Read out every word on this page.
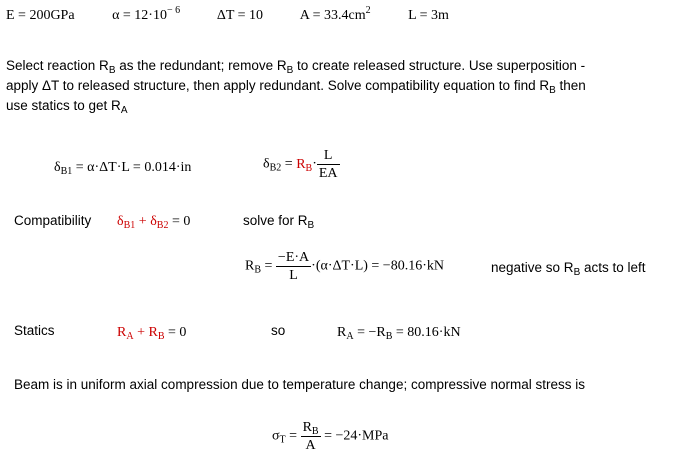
E = 200GPa	$\alpha = 12\cdot 10^{- 6}$	ΔT = 10	$A = 33.4cm^2$	L = 3m
Select reaction $R_B$ as the redundant; remove $R_B$ to create released structure. Use superposition -
apply ΔT to released structure, then apply redundant. Solve compatibility equation to find $R_B$ then
use statics to get $R_A$
$\delta_{B1} = \alpha\cdot\Delta T\cdot L = 0.014\cdot in$	$\delta_{B2} = R_B\cdot \frac{L}{EA}$
Compatibility $\delta_{B1} + \delta_{B2} = 0$	solve for $R_B$
$R_B = \frac{-E\cdot A}{L} \cdot(\alpha\cdot\Delta T\cdot L) = -80.16\cdot kN$	negative so $R_B$ acts to left
Statics	$R_A + R_B = 0$	so	$R_A = -R_B = 80.16\cdot kN$
Beam is in uniform axial compression due to temperature change; compressive normal stress is
$\sigma_T = \frac{R_B}{A} = -24\cdot MPa$
